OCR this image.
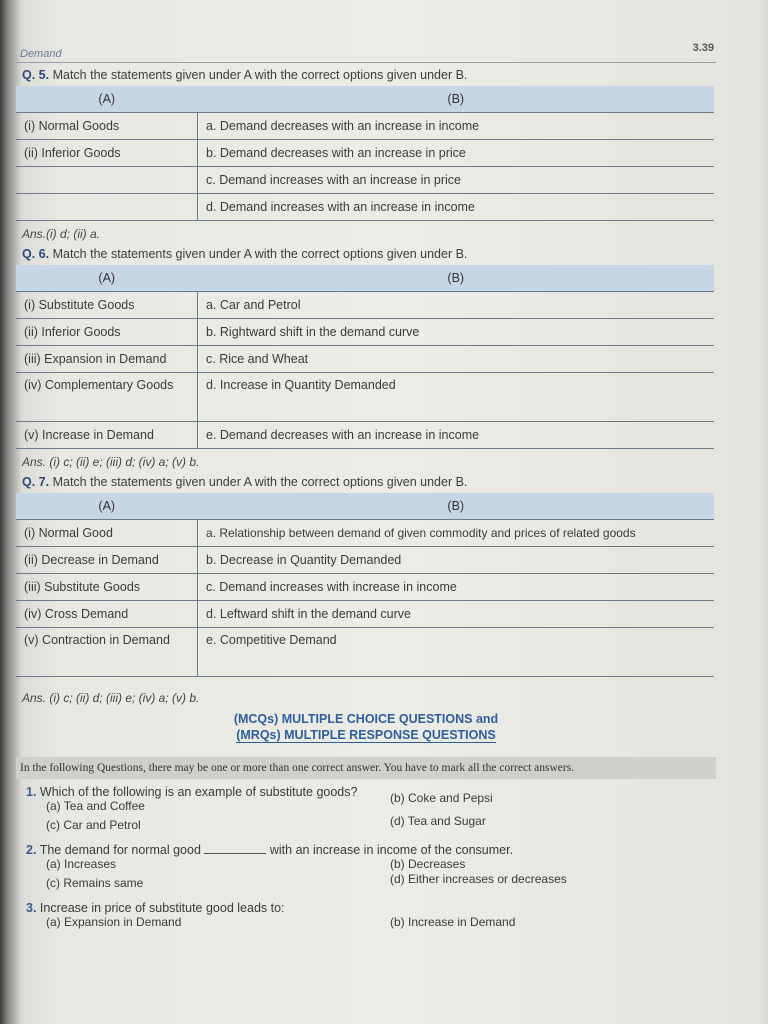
Demand	3.39
Q. 5. Match the statements given under A with the correct options given under B.
(A)	(B)
(i) Normal Goods	a. Demand decreases with an increase in income
(ii) Inferior Goods	b. Demand decreases with an increase in price
	c. Demand increases with an increase in price
	d. Demand increases with an increase in income
Ans.(i) d; (ii) a.
Q. 6. Match the statements given under A with the correct options given under B.
(A)	(B)
(i) Substitute Goods	a. Car and Petrol
(ii) Inferior Goods	b. Rightward shift in the demand curve
(iii) Expansion in Demand	c. Rice and Wheat
(iv) Complementary Goods	d. Increase in Quantity Demanded
(v) Increase in Demand	e. Demand decreases with an increase in income
Ans. (i) c; (ii) e; (iii) d; (iv) a; (v) b.
Q. 7. Match the statements given under A with the correct options given under B.
(A)	(B)
(i) Normal Good	a. Relationship between demand of given commodity and prices of related goods
(ii) Decrease in Demand	b. Decrease in Quantity Demanded
(iii) Substitute Goods	c. Demand increases with increase in income
(iv) Cross Demand	d. Leftward shift in the demand curve
(v) Contraction in Demand	e. Competitive Demand
Ans. (i) c; (ii) d; (iii) e; (iv) a; (v) b.
(MCQs) MULTIPLE CHOICE QUESTIONS and
(MRQs) MULTIPLE RESPONSE QUESTIONS
In the following Questions, there may be one or more than one correct answer. You have to mark all the correct answers.
1. Which of the following is an example of substitute goods?
(a) Tea and Coffee
(b) Coke and Pepsi
(c) Car and Petrol	(d) Tea and Sugar
2. The demand for normal good	with an increase in income of the consumer.
(a) Increases	(b) Decreases
(c) Remains same	(d) Either increases or decreases
3. Increase in price of substitute good leads to:
(a) Expansion in Demand	(b) Increase in Demand
